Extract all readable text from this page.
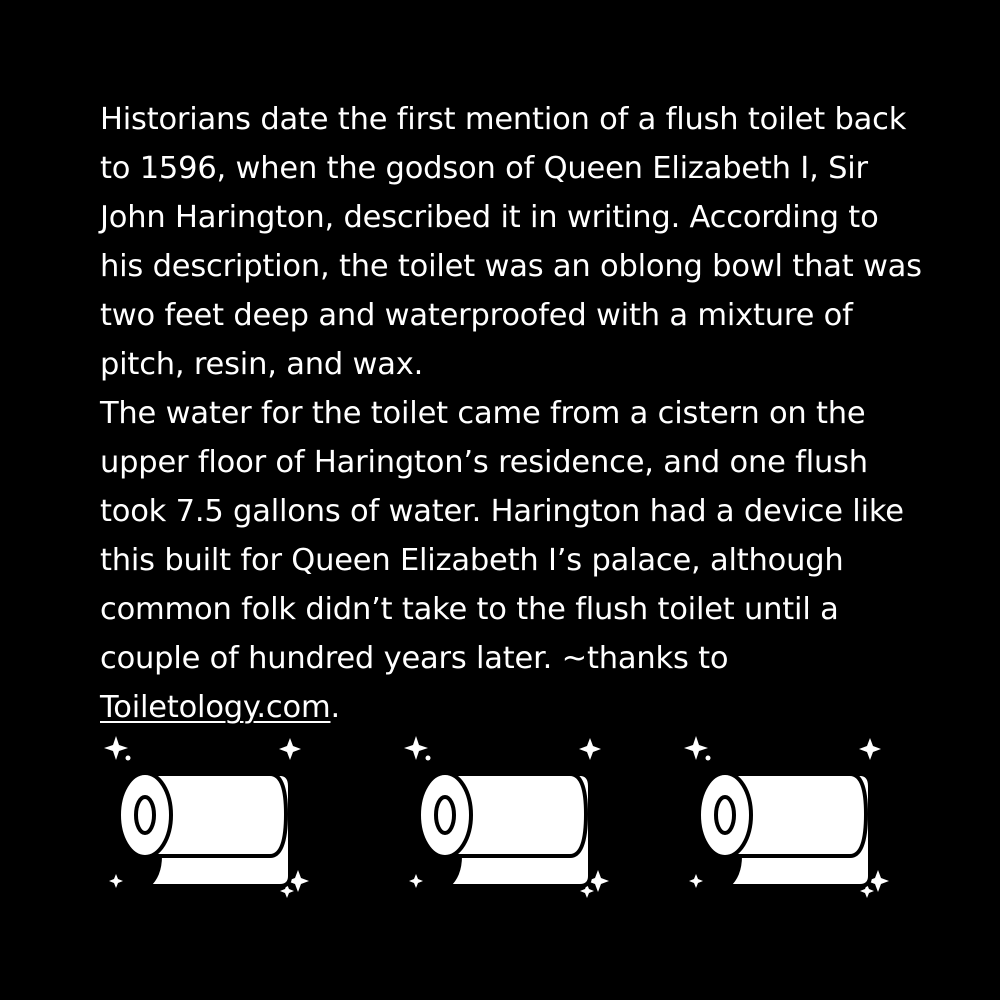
Historians date the first mention of a flush toilet back to 1596, when the godson of Queen Elizabeth I, Sir John Harington, described it in writing. According to his description, the toilet was an oblong bowl that was two feet deep and waterproofed with a mixture of pitch, resin, and wax.

The water for the toilet came from a cistern on the upper floor of Harington’s residence, and one flush took 7.5 gallons of water. Harington had a device like this built for Queen Elizabeth I’s palace, although common folk didn’t take to the flush toilet until a couple of hundred years later. ~thanks to Toiletology.com.
